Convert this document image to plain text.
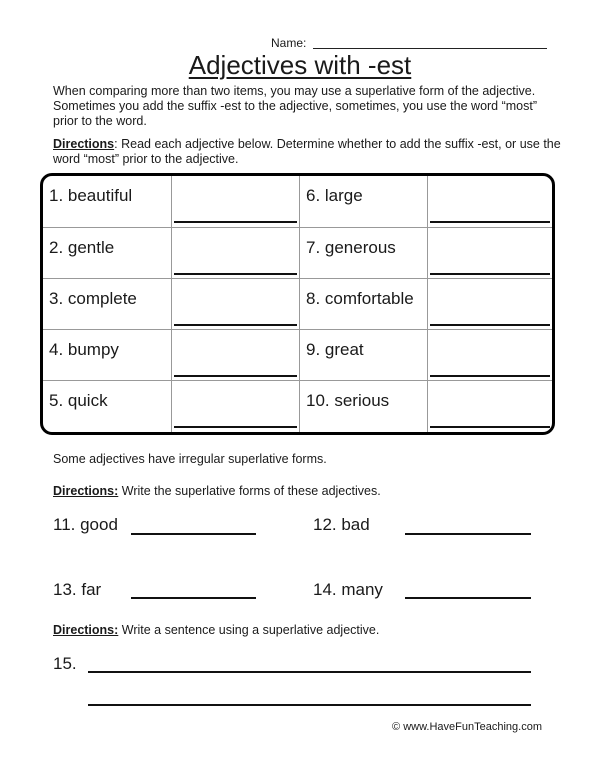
Name:
Adjectives with -est
When comparing more than two items, you may use a superlative form of the adjective. Sometimes you add the suffix -est to the adjective, sometimes, you use the word “most” prior to the word.
Directions: Read each adjective below. Determine whether to add the suffix -est, or use the word “most” prior to the adjective.
1. beautiful	6. large
2. gentle	7. generous
3. complete	8. comfortable
4. bumpy	9. great
5. quick	10. serious
Some adjectives have irregular superlative forms.
Directions: Write the superlative forms of these adjectives.
11. good	12. bad
13. far	14. many
Directions: Write a sentence using a superlative adjective.
15.
© www.HaveFunTeaching.com
